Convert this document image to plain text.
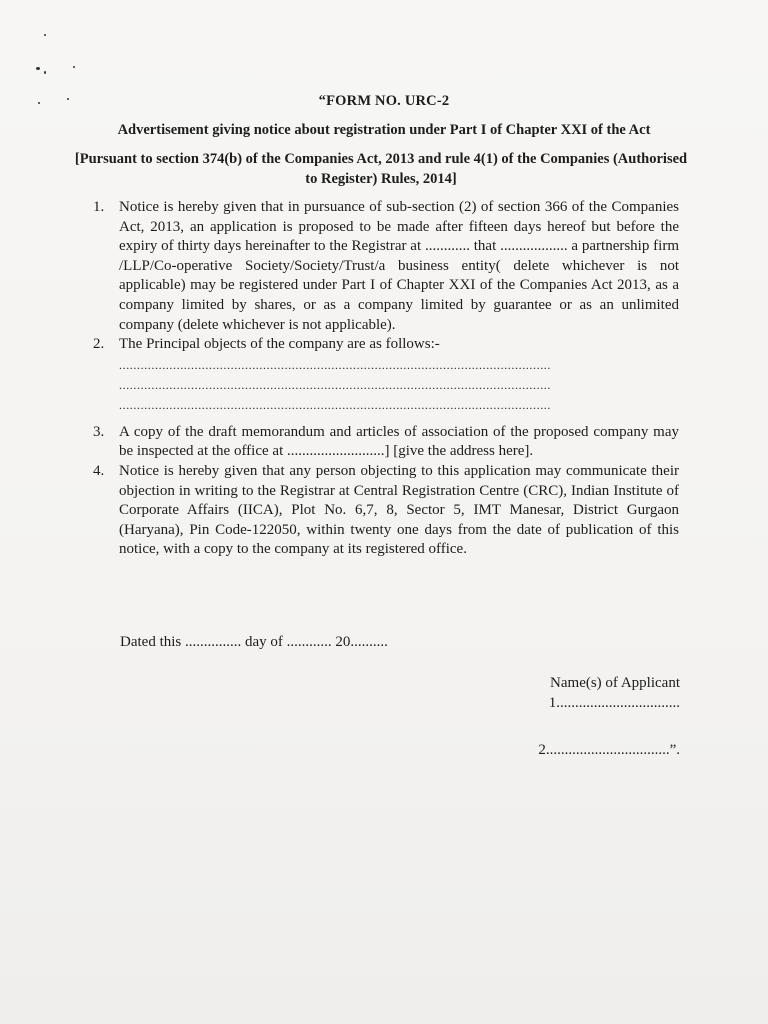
“FORM NO. URC-2

Advertisement giving notice about registration under Part I of Chapter XXI of the Act

[Pursuant to section 374(b) of the Companies Act, 2013 and rule 4(1) of the Companies (Authorised to Register) Rules, 2014]

1. Notice is hereby given that in pursuance of sub-section (2) of section 366 of the Companies Act, 2013, an application is proposed to be made after fifteen days hereof but before the expiry of thirty days hereinafter to the Registrar at ............ that .................. a partnership firm /LLP/Co-operative Society/Society/Trust/a business entity( delete whichever is not applicable) may be registered under Part I of Chapter XXI of the Companies Act 2013, as a company limited by shares, or as a company limited by guarantee or as an unlimited company (delete whichever is not applicable).
2. The Principal objects of the company are as follows:-
........................................................................................................................
........................................................................................................................
........................................................................................................................
3. A copy of the draft memorandum and articles of association of the proposed company may be inspected at the office at ..........................] [give the address here].
4. Notice is hereby given that any person objecting to this application may communicate their objection in writing to the Registrar at Central Registration Centre (CRC), Indian Institute of Corporate Affairs (IICA), Plot No. 6,7, 8, Sector 5, IMT Manesar, District Gurgaon (Haryana), Pin Code-122050, within twenty one days from the date of publication of this notice, with a copy to the company at its registered office.
Dated this ............... day of ............ 20..........
Name(s) of Applicant
1.................................
2.................................”.
